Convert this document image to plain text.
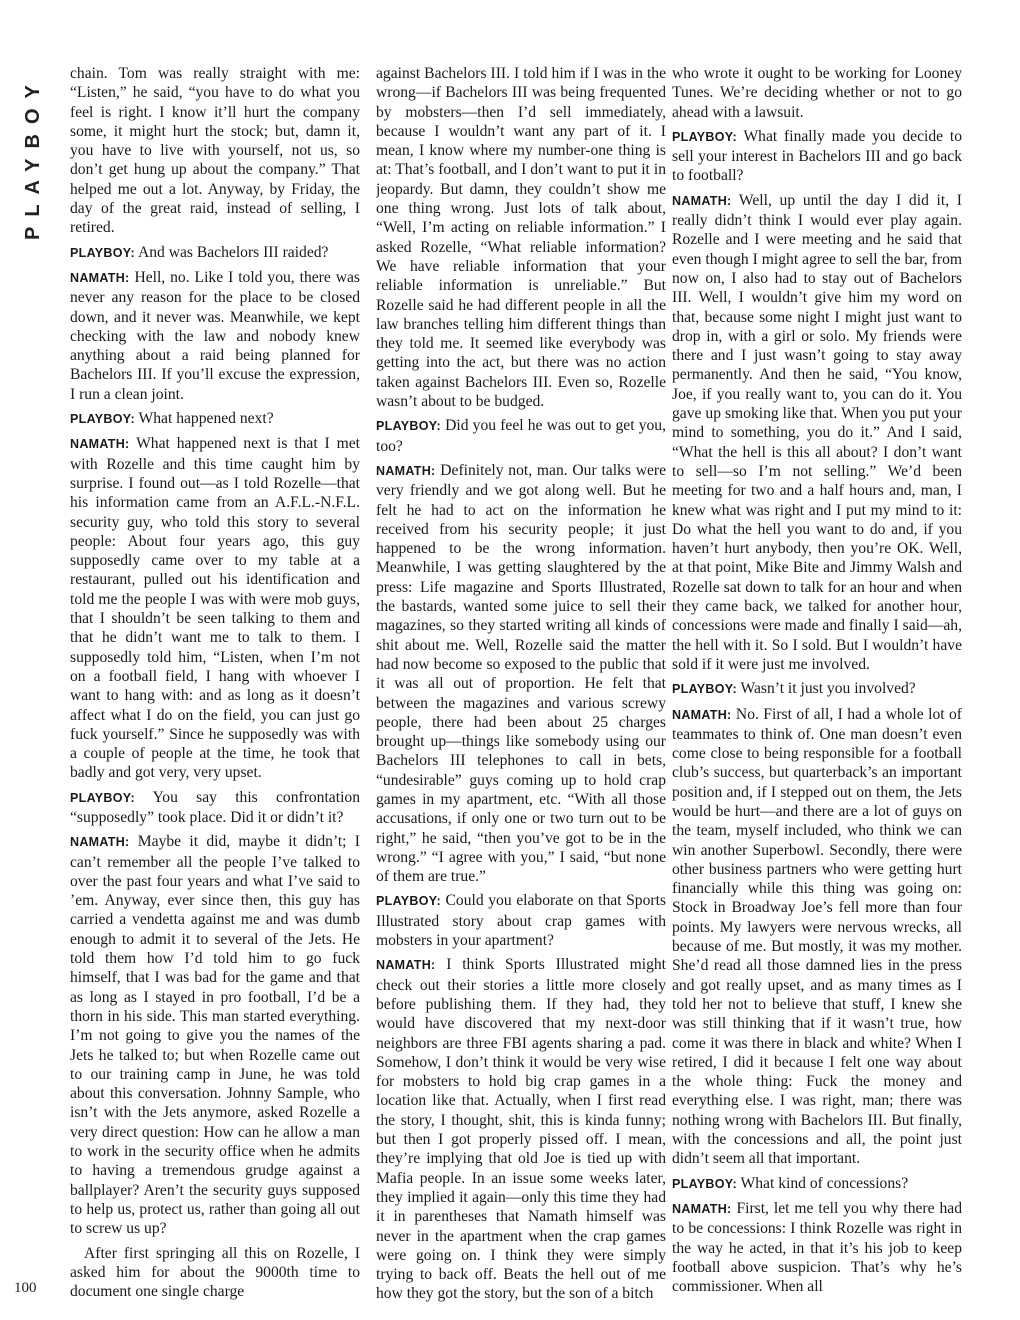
PLAYBOY

chain. Tom was really straight with me: “Listen,” he said, “you have to do what you feel is right. I know it’ll hurt the company some, it might hurt the stock; but, damn it, you have to live with yourself, not us, so don’t get hung up about the company.” That helped me out a lot. Anyway, by Friday, the day of the great raid, instead of selling, I retired.

PLAYBOY: And was Bachelors III raided?

NAMATH: Hell, no. Like I told you, there was never any reason for the place to be closed down, and it never was. Meanwhile, we kept checking with the law and nobody knew anything about a raid being planned for Bachelors III. If you’ll excuse the expression, I run a clean joint.

PLAYBOY: What happened next?

NAMATH: What happened next is that I met with Rozelle and this time caught him by surprise. I found out—as I told Rozelle—that his information came from an A.F.L.-N.F.L. security guy, who told this story to several people: About four years ago, this guy supposedly came over to my table at a restaurant, pulled out his identification and told me the people I was with were mob guys, that I shouldn’t be seen talking to them and that he didn’t want me to talk to them. I supposedly told him, “Listen, when I’m not on a football field, I hang with whoever I want to hang with: and as long as it doesn’t affect what I do on the field, you can just go fuck yourself.” Since he supposedly was with a couple of people at the time, he took that badly and got very, very upset.

PLAYBOY: You say this confrontation “supposedly” took place. Did it or didn’t it?

NAMATH: Maybe it did, maybe it didn’t; I can’t remember all the people I’ve talked to over the past four years and what I’ve said to ’em. Anyway, ever since then, this guy has carried a vendetta against me and was dumb enough to admit it to several of the Jets. He told them how I’d told him to go fuck himself, that I was bad for the game and that as long as I stayed in pro football, I’d be a thorn in his side. This man started everything. I’m not going to give you the names of the Jets he talked to; but when Rozelle came out to our training camp in June, he was told about this conversation. Johnny Sample, who isn’t with the Jets anymore, asked Rozelle a very direct question: How can he allow a man to work in the security office when he admits to having a tremendous grudge against a ballplayer? Aren’t the security guys supposed to help us, protect us, rather than going all out to screw us up?

After first springing all this on Rozelle, I asked him for about the 9000th time to document one single charge

against Bachelors III. I told him if I was in the wrong—if Bachelors III was being frequented by mobsters—then I’d sell immediately, because I wouldn’t want any part of it. I mean, I know where my number-one thing is at: That’s football, and I don’t want to put it in jeopardy. But damn, they couldn’t show me one thing wrong. Just lots of talk about, “Well, I’m acting on reliable information.” I asked Rozelle, “What reliable information? We have reliable information that your reliable information is unreliable.” But Rozelle said he had different people in all the law branches telling him different things than they told me. It seemed like everybody was getting into the act, but there was no action taken against Bachelors III. Even so, Rozelle wasn’t about to be budged.

PLAYBOY: Did you feel he was out to get you, too?

NAMATH: Definitely not, man. Our talks were very friendly and we got along well. But he felt he had to act on the information he received from his security people; it just happened to be the wrong information. Meanwhile, I was getting slaughtered by the press: Life magazine and Sports Illustrated, the bastards, wanted some juice to sell their magazines, so they started writing all kinds of shit about me. Well, Rozelle said the matter had now become so exposed to the public that it was all out of proportion. He felt that between the magazines and various screwy people, there had been about 25 charges brought up—things like somebody using our Bachelors III telephones to call in bets, “undesirable” guys coming up to hold crap games in my apartment, etc. “With all those accusations, if only one or two turn out to be right,” he said, “then you’ve got to be in the wrong.” “I agree with you,” I said, “but none of them are true.”

PLAYBOY: Could you elaborate on that Sports Illustrated story about crap games with mobsters in your apartment?

NAMATH: I think Sports Illustrated might check out their stories a little more closely before publishing them. If they had, they would have discovered that my next-door neighbors are three FBI agents sharing a pad. Somehow, I don’t think it would be very wise for mobsters to hold big crap games in a location like that. Actually, when I first read the story, I thought, shit, this is kinda funny; but then I got properly pissed off. I mean, they’re implying that old Joe is tied up with Mafia people. In an issue some weeks later, they implied it again—only this time they had it in parentheses that Namath himself was never in the apartment when the crap games were going on. I think they were simply trying to back off. Beats the hell out of me how they got the story, but the son of a bitch

who wrote it ought to be working for Looney Tunes. We’re deciding whether or not to go ahead with a lawsuit.

PLAYBOY: What finally made you decide to sell your interest in Bachelors III and go back to football?

NAMATH: Well, up until the day I did it, I really didn’t think I would ever play again. Rozelle and I were meeting and he said that even though I might agree to sell the bar, from now on, I also had to stay out of Bachelors III. Well, I wouldn’t give him my word on that, because some night I might just want to drop in, with a girl or solo. My friends were there and I just wasn’t going to stay away permanently. And then he said, “You know, Joe, if you really want to, you can do it. You gave up smoking like that. When you put your mind to something, you do it.” And I said, “What the hell is this all about? I don’t want to sell—so I’m not selling.” We’d been meeting for two and a half hours and, man, I knew what was right and I put my mind to it: Do what the hell you want to do and, if you haven’t hurt anybody, then you’re OK. Well, at that point, Mike Bite and Jimmy Walsh and Rozelle sat down to talk for an hour and when they came back, we talked for another hour, concessions were made and finally I said—ah, the hell with it. So I sold. But I wouldn’t have sold if it were just me involved.

PLAYBOY: Wasn’t it just you involved?

NAMATH: No. First of all, I had a whole lot of teammates to think of. One man doesn’t even come close to being responsible for a football club’s success, but quarterback’s an important position and, if I stepped out on them, the Jets would be hurt—and there are a lot of guys on the team, myself included, who think we can win another Superbowl. Secondly, there were other business partners who were getting hurt financially while this thing was going on: Stock in Broadway Joe’s fell more than four points. My lawyers were nervous wrecks, all because of me. But mostly, it was my mother. She’d read all those damned lies in the press and got really upset, and as many times as I told her not to believe that stuff, I knew she was still thinking that if it wasn’t true, how come it was there in black and white? When I retired, I did it because I felt one way about the whole thing: Fuck the money and everything else. I was right, man; there was nothing wrong with Bachelors III. But finally, with the concessions and all, the point just didn’t seem all that important.

PLAYBOY: What kind of concessions?

NAMATH: First, let me tell you why there had to be concessions: I think Rozelle was right in the way he acted, in that it’s his job to keep football above suspicion. That’s why he’s commissioner. When all

100
